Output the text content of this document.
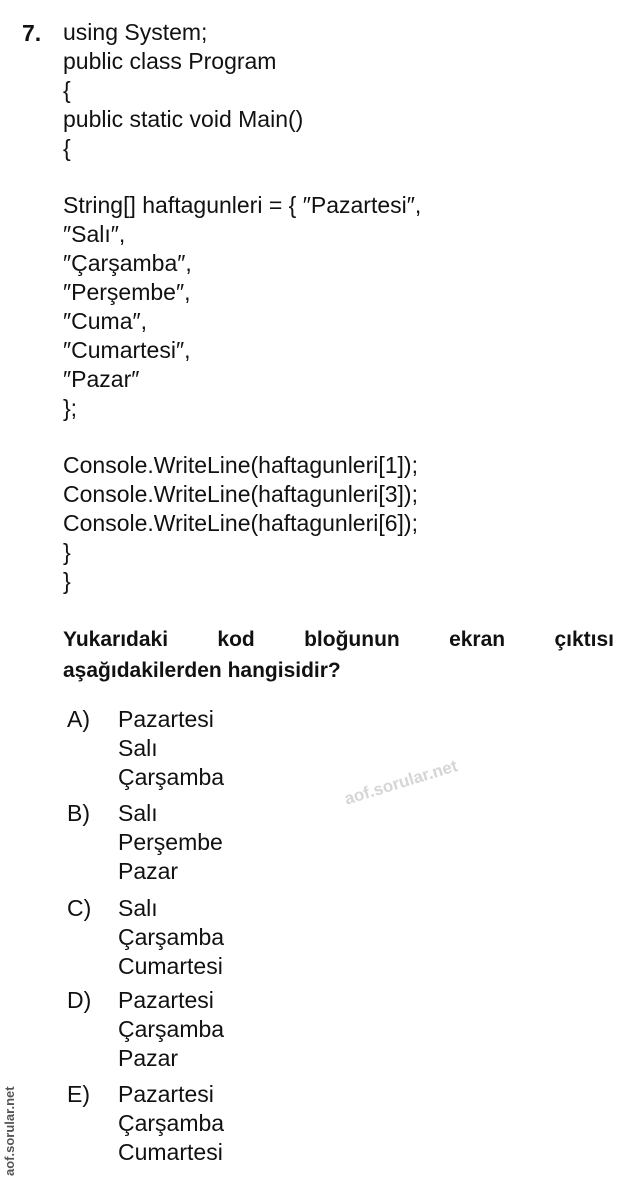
7. using System;
public class Program
{
public static void Main()
{
String[] haftagunleri = { ″Pazartesi″,
″Salı″,
″Çarşamba″,
″Perşembe″,
″Cuma″,
″Cumartesi″,
″Pazar″
};
Console.WriteLine(haftagunleri[1]);
Console.WriteLine(haftagunleri[3]);
Console.WriteLine(haftagunleri[6]);
}
}
Yukarıdaki kod bloğunun ekran çıktısı
aşağıdakilerden hangisidir?
A) Pazartesi
Salı
Çarşamba
B) Salı
Perşembe
Pazar
C) Salı
Çarşamba
Cumartesi
D) Pazartesi
Çarşamba
Pazar
E) Pazartesi
Çarşamba
Cumartesi
aof.sorular.net
aof.sorular.net
